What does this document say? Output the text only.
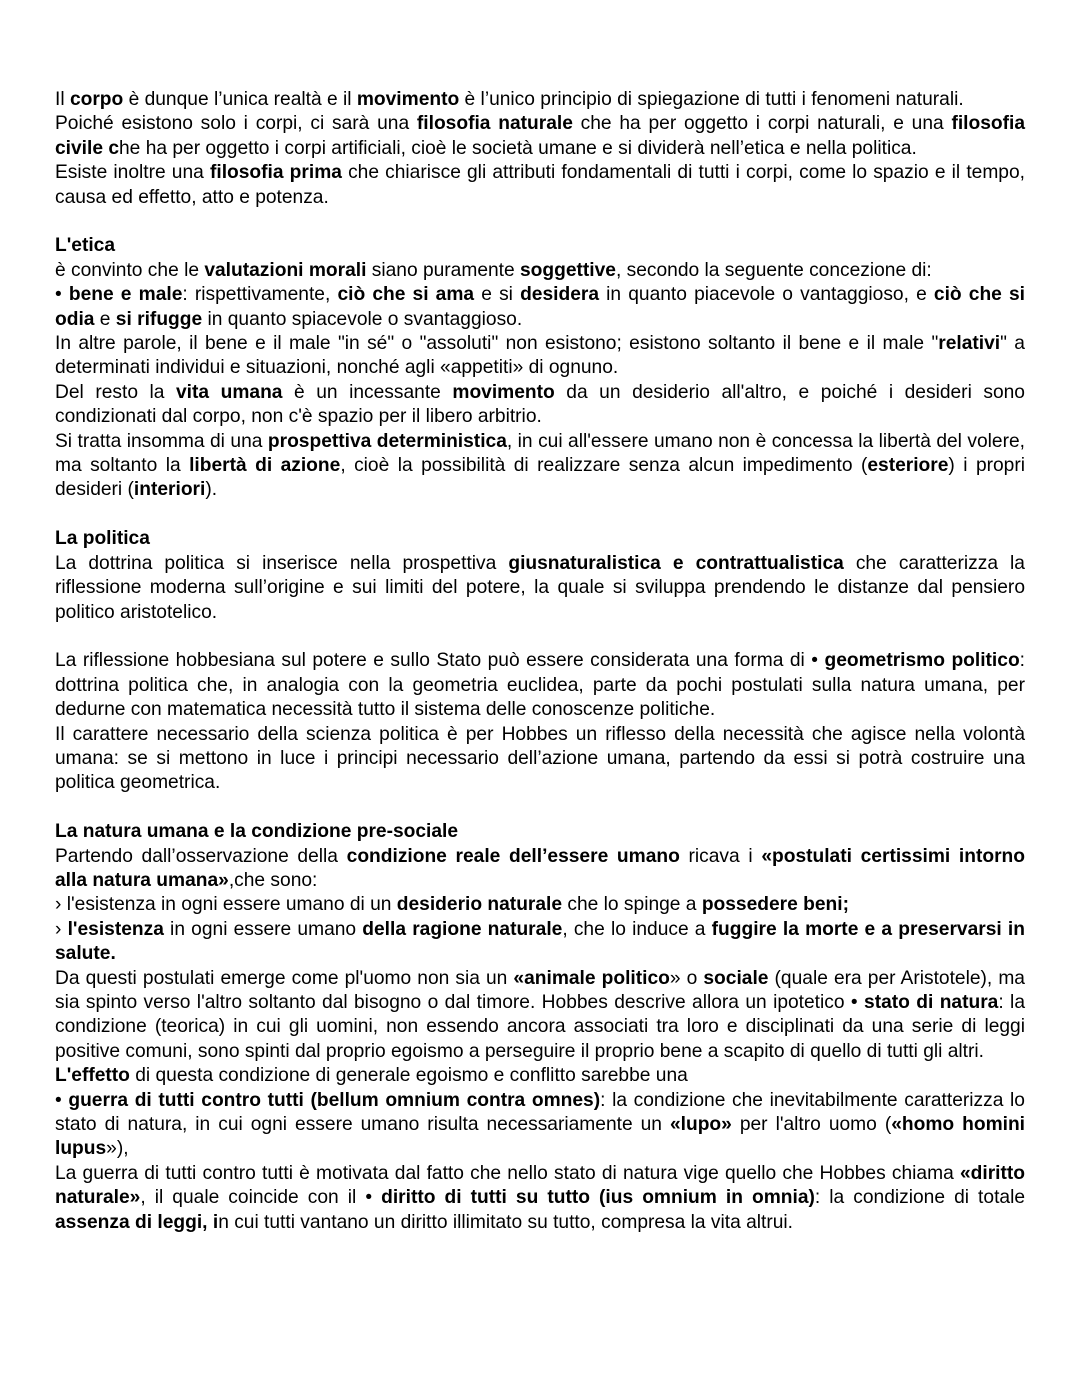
Il corpo è dunque l’unica realtà e il movimento è l’unico principio di spiegazione di tutti i fenomeni naturali.

Poiché esistono solo i corpi, ci sarà una filosofia naturale che ha per oggetto i corpi naturali, e una filosofia civile che ha per oggetto i corpi artificiali, cioè le società umane e si dividerà nell’etica e nella politica.

Esiste inoltre una filosofia prima che chiarisce gli attributi fondamentali di tutti i corpi, come lo spazio e il tempo, causa ed effetto, atto e potenza.

L'etica

è convinto che le valutazioni morali siano puramente soggettive, secondo la seguente concezione di:

• bene e male: rispettivamente, ciò che si ama e si desidera in quanto piacevole o vantaggioso, e ciò che si odia e si rifugge in quanto spiacevole o svantaggioso.

In altre parole, il bene e il male "in sé" o "assoluti" non esistono; esistono soltanto il bene e il male "relativi" a determinati individui e situazioni, nonché agli «appetiti» di ognuno.

Del resto la vita umana è un incessante movimento da un desiderio all'altro, e poiché i desideri sono condizionati dal corpo, non c'è spazio per il libero arbitrio.

Si tratta insomma di una prospettiva deterministica, in cui all'essere umano non è concessa la libertà del volere, ma soltanto la libertà di azione, cioè la possibilità di realizzare senza alcun impedimento (esteriore) i propri desideri (interiori).

La politica

La dottrina politica si inserisce nella prospettiva giusnaturalistica e contrattualistica che caratterizza la riflessione moderna sull’origine e sui limiti del potere, la quale si sviluppa prendendo le distanze dal pensiero politico aristotelico.

La riflessione hobbesiana sul potere e sullo Stato può essere considerata una forma di • geometrismo politico: dottrina politica che, in analogia con la geometria euclidea, parte da pochi postulati sulla natura umana, per dedurne con matematica necessità tutto il sistema delle conoscenze politiche.

Il carattere necessario della scienza politica è per Hobbes un riflesso della necessità che agisce nella volontà umana: se si mettono in luce i principi necessario dell’azione umana, partendo da essi si potrà costruire una politica geometrica.

La natura umana e la condizione pre-sociale

Partendo dall’osservazione della condizione reale dell’essere umano ricava i «postulati certissimi intorno alla natura umana»,che sono:

› l'esistenza in ogni essere umano di un desiderio naturale che lo spinge a possedere beni;

› l'esistenza in ogni essere umano della ragione naturale, che lo induce a fuggire la morte e a preservarsi in salute.

Da questi postulati emerge come pl'uomo non sia un «animale politico» o sociale (quale era per Aristotele), ma sia spinto verso l'altro soltanto dal bisogno o dal timore. Hobbes descrive allora un ipotetico • stato di natura: la condizione (teorica) in cui gli uomini, non essendo ancora associati tra loro e disciplinati da una serie di leggi positive comuni, sono spinti dal proprio egoismo a perseguire il proprio bene a scapito di quello di tutti gli altri.

L'effetto di questa condizione di generale egoismo e conflitto sarebbe una

• guerra di tutti contro tutti (bellum omnium contra omnes): la condizione che inevitabilmente caratterizza lo stato di natura, in cui ogni essere umano risulta necessariamente un «lupo» per l'altro uomo («homo homini lupus»),

La guerra di tutti contro tutti è motivata dal fatto che nello stato di natura vige quello che Hobbes chiama «diritto naturale», il quale coincide con il • diritto di tutti su tutto (ius omnium in omnia): la condizione di totale assenza di leggi, in cui tutti vantano un diritto illimitato su tutto, compresa la vita altrui.
